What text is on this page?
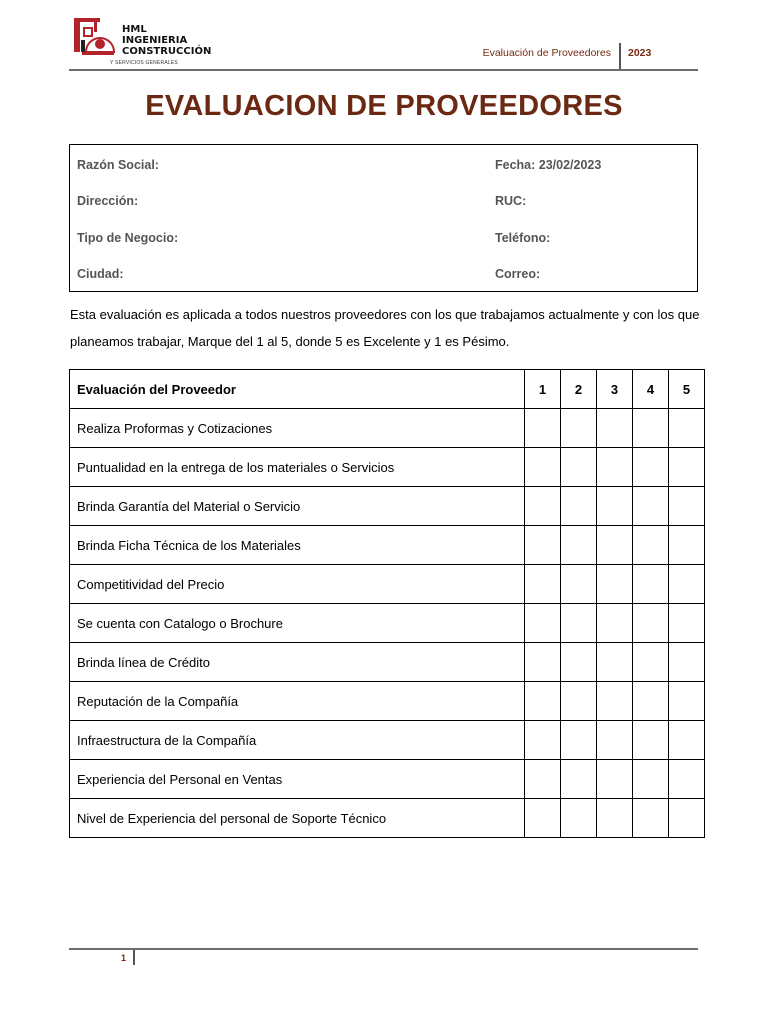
HML
INGENIERIA
CONSTRUCCIÓN
Y SERVICIOS GENERALES
Evaluación de Proveedores 2023
EVALUACION DE PROVEEDORES
Razón Social:	Fecha: 23/02/2023
Dirección:	RUC:
Tipo de Negocio:	Teléfono:
Ciudad:	Correo:
Esta evaluación es aplicada a todos nuestros proveedores con los que trabajamos actualmente y con los que planeamos trabajar, Marque del 1 al 5, donde 5 es Excelente y 1 es Pésimo.
Evaluación del Proveedor	1	2	3	4	5
Realiza Proformas y Cotizaciones					
Puntualidad en la entrega de los materiales o Servicios					
Brinda Garantía del Material o Servicio					
Brinda Ficha Técnica de los Materiales					
Competitividad del Precio					
Se cuenta con Catalogo o Brochure					
Brinda línea de Crédito					
Reputación de la Compañía					
Infraestructura de la Compañía					
Experiencia del Personal en Ventas					
Nivel de Experiencia del personal de Soporte Técnico					
1
